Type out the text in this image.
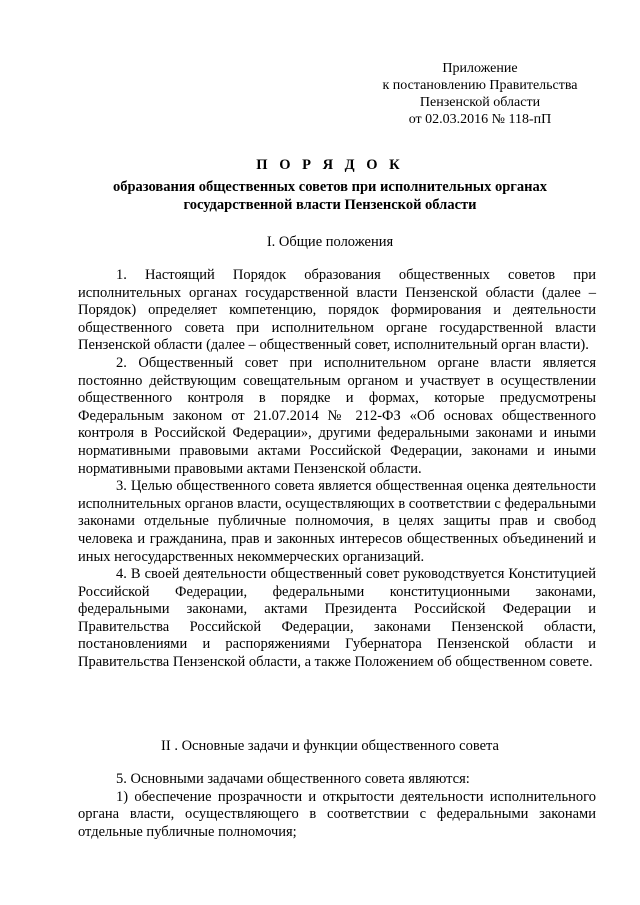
Приложение
к постановлению Правительства
Пензенской области
от 02.03.2016 № 118-пП
П О Р Я Д О К
образования общественных советов при исполнительных органах
государственной власти Пензенской области
I. Общие положения

1. Настоящий Порядок образования общественных советов при исполнительных органах государственной власти Пензенской области (далее – Порядок) определяет компетенцию, порядок формирования и деятельности общественного совета при исполнительном органе государственной власти Пензенской области (далее – общественный совет, исполнительный орган власти).

2. Общественный совет при исполнительном органе власти является постоянно действующим совещательным органом и участвует в осуществлении общественного контроля в порядке и формах, которые предусмотрены Федеральным законом от 21.07.2014 № 212-ФЗ «Об основах общественного контроля в Российской Федерации», другими федеральными законами и иными нормативными правовыми актами Российской Федерации, законами и иными нормативными правовыми актами Пензенской области.

3. Целью общественного совета является общественная оценка деятельности исполнительных органов власти, осуществляющих в соответствии с федеральными законами отдельные публичные полномочия, в целях защиты прав и свобод человека и гражданина, прав и законных интересов общественных объединений и иных негосударственных некоммерческих организаций.

4. В своей деятельности общественный совет руководствуется Конституцией Российской Федерации, федеральными конституционными законами, федеральными законами, актами Президента Российской Федерации и Правительства Российской Федерации, законами Пензенской области, постановлениями и распоряжениями Губернатора Пензенской области и Правительства Пензенской области, а также Положением об общественном совете.

II . Основные задачи и функции общественного совета

5. Основными задачами общественного совета являются:

1) обеспечение прозрачности и открытости деятельности исполнительного органа власти, осуществляющего в соответствии с федеральными законами отдельные публичные полномочия;
